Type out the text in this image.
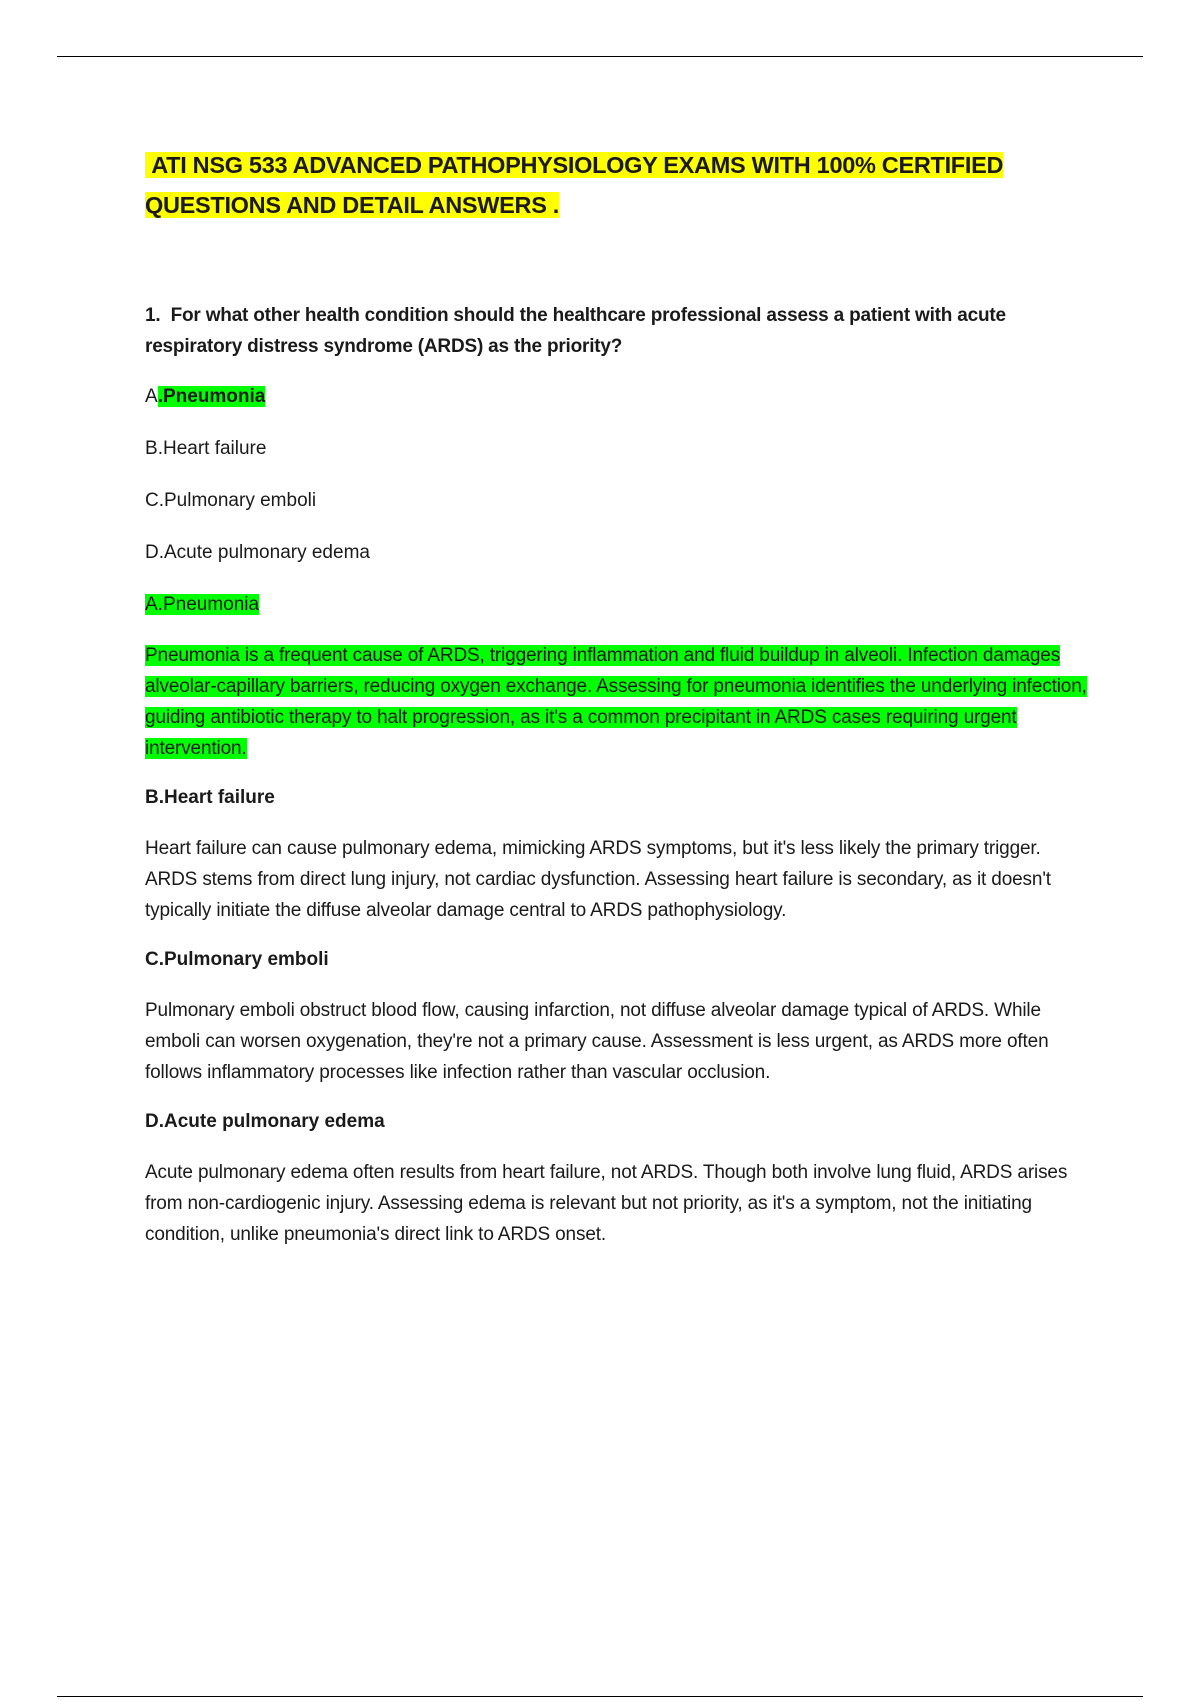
ATI NSG 533 ADVANCED PATHOPHYSIOLOGY EXAMS WITH 100% CERTIFIED
QUESTIONS AND DETAIL ANSWERS .

1. For what other health condition should the healthcare professional assess a patient with acute respiratory distress syndrome (ARDS) as the priority?

A.Pneumonia

B.Heart failure

C.Pulmonary emboli

D.Acute pulmonary edema

A.Pneumonia

Pneumonia is a frequent cause of ARDS, triggering inflammation and fluid buildup in alveoli. Infection damages alveolar-capillary barriers, reducing oxygen exchange. Assessing for pneumonia identifies the underlying infection, guiding antibiotic therapy to halt progression, as it's a common precipitant in ARDS cases requiring urgent intervention.

B.Heart failure

Heart failure can cause pulmonary edema, mimicking ARDS symptoms, but it's less likely the primary trigger. ARDS stems from direct lung injury, not cardiac dysfunction. Assessing heart failure is secondary, as it doesn't typically initiate the diffuse alveolar damage central to ARDS pathophysiology.

C.Pulmonary emboli

Pulmonary emboli obstruct blood flow, causing infarction, not diffuse alveolar damage typical of ARDS. While emboli can worsen oxygenation, they're not a primary cause. Assessment is less urgent, as ARDS more often follows inflammatory processes like infection rather than vascular occlusion.

D.Acute pulmonary edema

Acute pulmonary edema often results from heart failure, not ARDS. Though both involve lung fluid, ARDS arises from non-cardiogenic injury. Assessing edema is relevant but not priority, as it's a symptom, not the initiating condition, unlike pneumonia's direct link to ARDS onset.
